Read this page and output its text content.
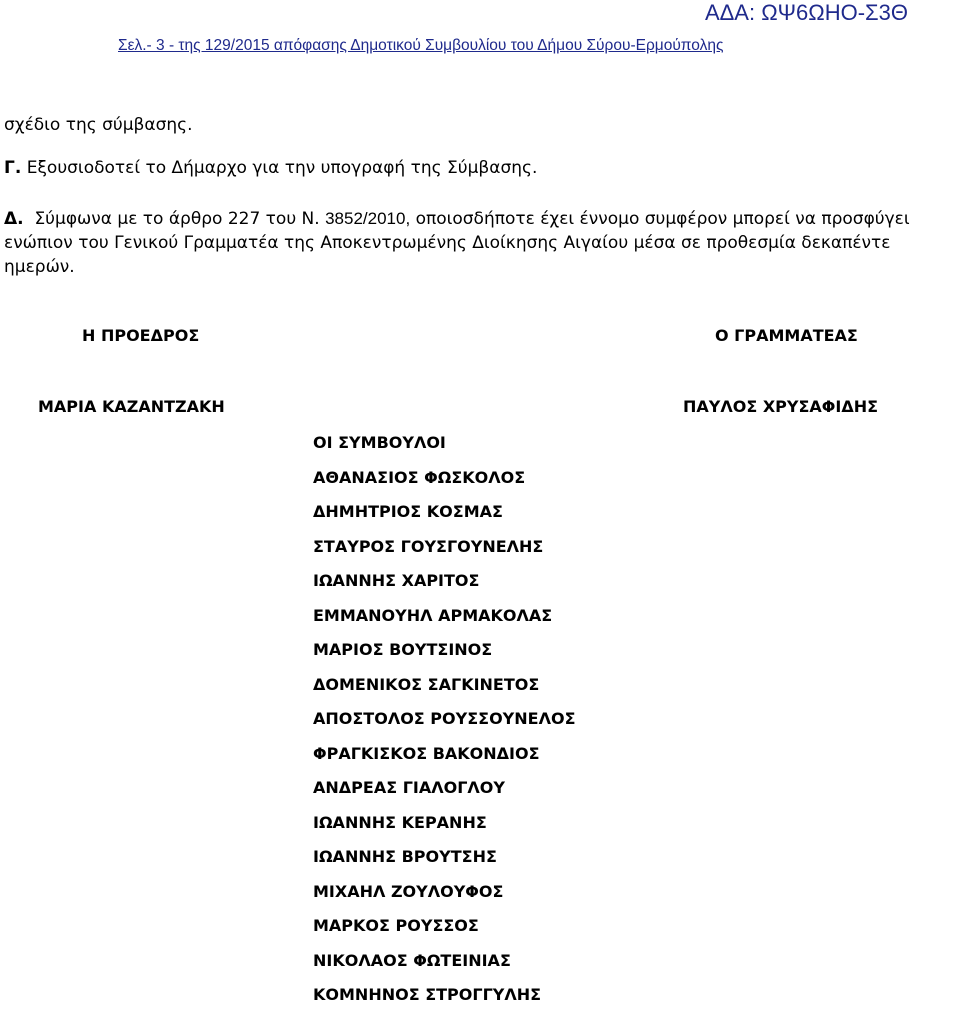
ΑΔΑ: ΩΨ6ΩΗΟ-Σ3Θ
Σελ.- 3 - της 129/2015 απόφασης Δημοτικού Συμβουλίου του Δήμου Σύρου-Ερμούπολης
σχέδιο της σύμβασης.
Γ. Εξουσιοδοτεί το Δήμαρχο για την υπογραφή της Σύμβασης.
Δ. Σύμφωνα με το άρθρο 227 του Ν. 3852/2010, οποιοσδήποτε έχει έννομο συμφέρον μπορεί να προσφύγει ενώπιον του Γενικού Γραμματέα της Αποκεντρωμένης Διοίκησης Αιγαίου μέσα σε προθεσμία δεκαπέντε ημερών.
Η ΠΡΟΕΔΡΟΣ	Ο ΓΡΑΜΜΑΤΕΑΣ
ΜΑΡΙΑ ΚΑΖΑΝΤΖΑΚΗ	ΠΑΥΛΟΣ ΧΡΥΣΑΦΙΔΗΣ
ΟΙ ΣΥΜΒΟΥΛΟΙ
ΑΘΑΝΑΣΙΟΣ ΦΩΣΚΟΛΟΣ
ΔΗΜΗΤΡΙΟΣ ΚΟΣΜΑΣ
ΣΤΑΥΡΟΣ ΓΟΥΣΓΟΥΝΕΛΗΣ
ΙΩΑΝΝΗΣ ΧΑΡΙΤΟΣ
ΕΜΜΑΝΟΥΗΛ ΑΡΜΑΚΟΛΑΣ
ΜΑΡΙΟΣ ΒΟΥΤΣΙΝΟΣ
ΔΟΜΕΝΙΚΟΣ ΣΑΓΚΙΝΕΤΟΣ
ΑΠΟΣΤΟΛΟΣ ΡΟΥΣΣΟΥΝΕΛΟΣ
ΦΡΑΓΚΙΣΚΟΣ ΒΑΚΟΝΔΙΟΣ
ΑΝΔΡΕΑΣ ΓΙΑΛΟΓΛΟΥ
ΙΩΑΝΝΗΣ ΚΕΡΑΝΗΣ
ΙΩΑΝΝΗΣ ΒΡΟΥΤΣΗΣ
ΜΙΧΑΗΛ ΖΟΥΛΟΥΦΟΣ
ΜΑΡΚΟΣ ΡΟΥΣΣΟΣ
ΝΙΚΟΛΑΟΣ ΦΩΤΕΙΝΙΑΣ
ΚΟΜΝΗΝΟΣ ΣΤΡΟΓΓΥΛΗΣ
